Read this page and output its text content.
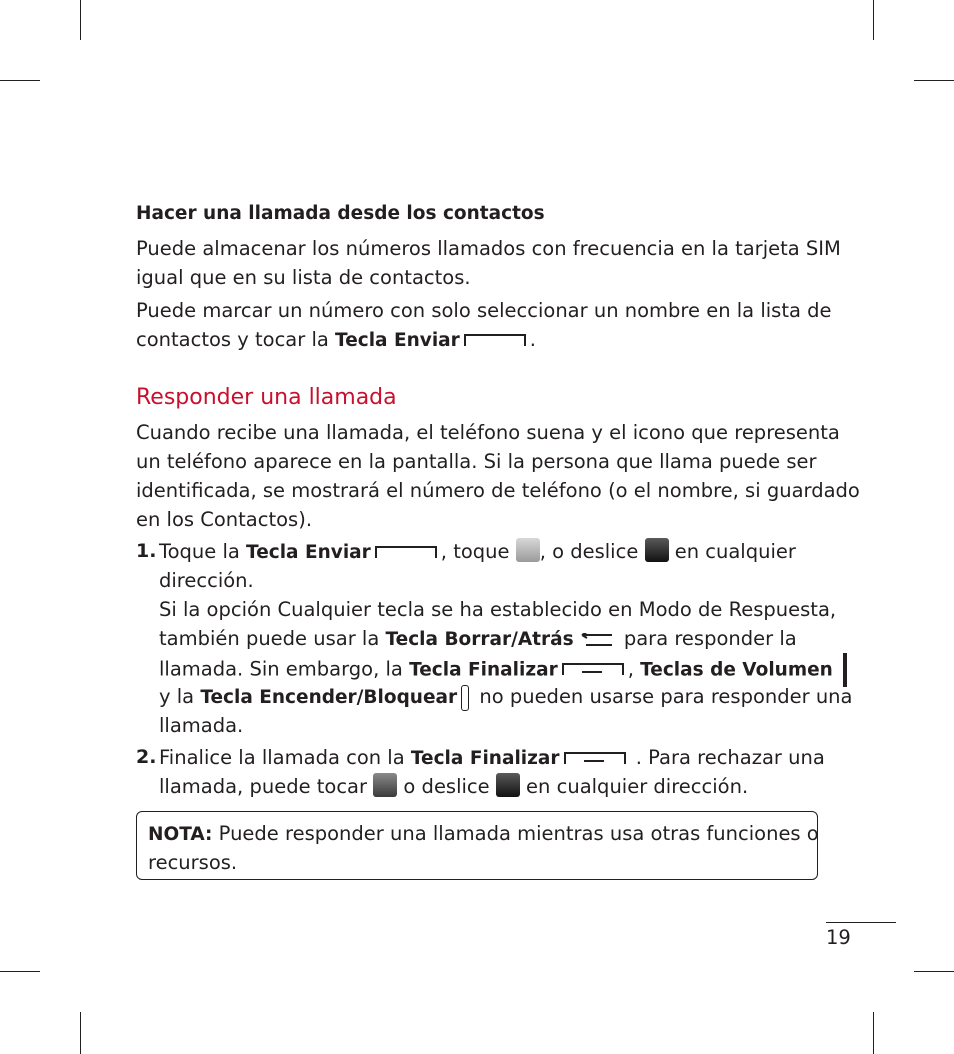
Hacer una llamada desde los contactos
Puede almacenar los números llamados con frecuencia en la tarjeta SIM
igual que en su lista de contactos.
Puede marcar un número con solo seleccionar un nombre en la lista de
contactos y tocar la Tecla Enviar	.
Responder una llamada
Cuando recibe una llamada, el teléfono suena y el icono que representa
un teléfono aparece en la pantalla. Si la persona que llama puede ser
identificada, se mostrará el número de teléfono (o el nombre, si guardado
en los Contactos).
1. Toque la Tecla Enviar	, toque , o deslice  en cualquier
dirección.
Si la opción Cualquier tecla se ha establecido en Modo de Respuesta,
también puede usar la Tecla Borrar/Atrás para responder la
llamada. Sin embargo, la Tecla Finalizar	, Teclas de Volumen
y la Tecla Encender/Bloquear no pueden usarse para responder una
llamada.
2. Finalice la llamada con la Tecla Finalizar	. Para rechazar una
llamada, puede tocar  o deslice  en cualquier dirección.
NOTA: Puede responder una llamada mientras usa otras funciones o
recursos.
19
